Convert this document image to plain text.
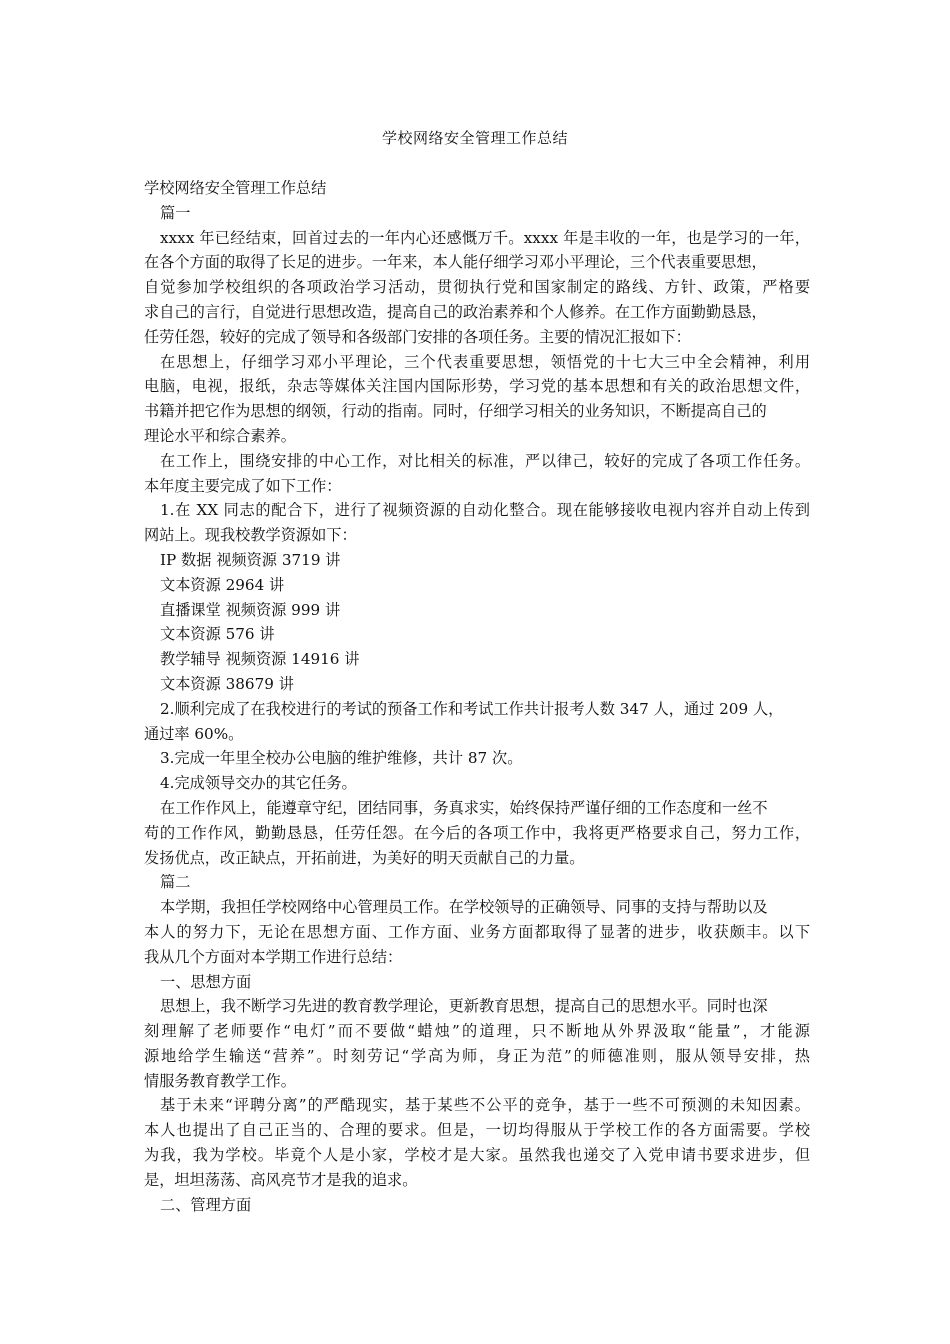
学校网络安全管理工作总结
学校网络安全管理工作总结
篇一
xxxx 年已经结束，回首过去的一年内心还感慨万千。xxxx 年是丰收的一年，也是学习的一年，
在各个方面的取得了长足的进步。一年来，本人能仔细学习邓小平理论，三个代表重要思想，
自觉参加学校组织的各项政治学习活动，贯彻执行党和国家制定的路线、方针、政策，严格要
求自己的言行，自觉进行思想改造，提高自己的政治素养和个人修养。在工作方面勤勤恳恳，
任劳任怨，较好的完成了领导和各级部门安排的各项任务。主要的情况汇报如下：
在思想上，仔细学习邓小平理论，三个代表重要思想，领悟党的十七大三中全会精神，利用
电脑，电视，报纸，杂志等媒体关注国内国际形势，学习党的基本思想和有关的政治思想文件，
书籍并把它作为思想的纲领，行动的指南。同时，仔细学习相关的业务知识，不断提高自己的
理论水平和综合素养。
在工作上，围绕安排的中心工作，对比相关的标准，严以律己，较好的完成了各项工作任务。
本年度主要完成了如下工作：
1.在 XX 同志的配合下，进行了视频资源的自动化整合。现在能够接收电视内容并自动上传到
网站上。现我校教学资源如下：
IP 数据 视频资源 3719 讲
文本资源 2964 讲
直播课堂 视频资源 999 讲
文本资源 576 讲
教学辅导 视频资源 14916 讲
文本资源 38679 讲
2.顺利完成了在我校进行的考试的预备工作和考试工作共计报考人数 347 人，通过 209 人，
通过率 60%。
3.完成一年里全校办公电脑的维护维修，共计 87 次。
4.完成领导交办的其它任务。
在工作作风上，能遵章守纪，团结同事，务真求实，始终保持严谨仔细的工作态度和一丝不
苟的工作作风，勤勤恳恳，任劳任怨。在今后的各项工作中，我将更严格要求自己，努力工作，
发扬优点，改正缺点，开拓前进，为美好的明天贡献自己的力量。
篇二
本学期，我担任学校网络中心管理员工作。在学校领导的正确领导、同事的支持与帮助以及
本人的努力下，无论在思想方面、工作方面、业务方面都取得了显著的进步，收获颇丰。以下
我从几个方面对本学期工作进行总结：
一、思想方面
思想上，我不断学习先进的教育教学理论，更新教育思想，提高自己的思想水平。同时也深
刻理解了老师要作“电灯”而不要做“蜡烛”的道理，只不断地从外界汲取“能量”，才能源
源地给学生输送“营养”。时刻劳记“学高为师，身正为范”的师德准则，服从领导安排，热
情服务教育教学工作。
基于未来“评聘分离”的严酷现实，基于某些不公平的竞争，基于一些不可预测的未知因素。
本人也提出了自己正当的、合理的要求。但是，一切均得服从于学校工作的各方面需要。学校
为我，我为学校。毕竟个人是小家，学校才是大家。虽然我也递交了入党申请书要求进步，但
是，坦坦荡荡、高风亮节才是我的追求。
二、管理方面
